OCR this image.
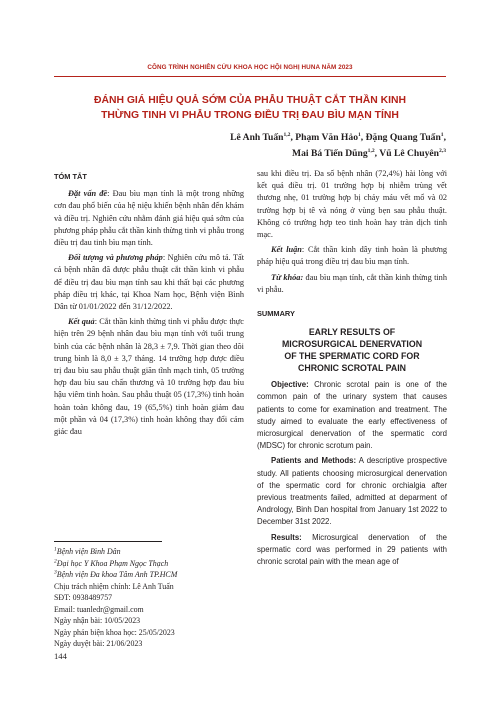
CÔNG TRÌNH NGHIÊN CỨU KHOA HỌC HỘI NGHỊ HUNA NĂM 2023
ĐÁNH GIÁ HIỆU QUẢ SỚM CỦA PHẪU THUẬT CẮT THẦN KINH
THỪNG TINH VI PHẪU TRONG ĐIỀU TRỊ ĐAU BÌU MẠN TÍNH
Lê Anh Tuấn$^{1,2}$, Phạm Văn Hảo$^1$, Đặng Quang Tuấn$^1$,
Mai Bá Tiến Dũng$^{1,2}$, Vũ Lê Chuyên$^{2,3}$
TÓM TẮT

Đặt vấn đề: Đau bìu mạn tính là một trong những cơn đau phổ biến của hệ niệu khiến bệnh nhân đến khám và điều trị. Nghiên cứu nhằm đánh giá hiệu quả sớm của phương pháp phẫu cắt thần kinh thừng tinh vi phẫu trong điều trị đau tinh bìu mạn tính.

Đối tượng và phương pháp: Nghiên cứu mô tả. Tất cả bệnh nhân đã được phẫu thuật cắt thần kinh vi phẫu để điều trị đau bìu mạn tính sau khi thất bại các phương pháp điều trị khác, tại Khoa Nam học, Bệnh viện Bình Dân từ 01/01/2022 đến 31/12/2022.

Kết quả: Cắt thần kinh thừng tinh vi phẫu được thực hiện trên 29 bệnh nhân đau bìu mạn tính với tuổi trung bình của các bệnh nhân là 28,3 ± 7,9. Thời gian theo dõi trung bình là 8,0 ± 3,7 tháng. 14 trường hợp được điều trị đau bìu sau phẫu thuật giãn tĩnh mạch tinh, 05 trường hợp đau bìu sau chấn thương và 10 trường hợp đau bìu hậu viêm tinh hoàn. Sau phẫu thuật 05 (17,3%) tinh hoàn hoàn toàn không đau, 19 (65,5%) tinh hoàn giảm đau một phần và 04 (17,3%) tinh hoàn không thay đổi cảm giác đau

sau khi điều trị. Đa số bệnh nhân (72,4%) hài lòng với kết quả điều trị. 01 trường hợp bị nhiễm trùng vết thương nhẹ, 01 trường hợp bị chảy máu vết mổ và 02 trường hợp bị tê và nóng ở vùng bẹn sau phẫu thuật. Không có trường hợp teo tinh hoàn hay tràn dịch tinh mạc.

Kết luận: Cắt thần kinh dây tinh hoàn là phương pháp hiệu quả trong điều trị đau bìu mạn tính.

Từ khóa: đau bìu mạn tính, cắt thần kinh thừng tinh vi phẫu.

SUMMARY
EARLY RESULTS OF
MICROSURGICAL DENERVATION
OF THE SPERMATIC CORD FOR
CHRONIC SCROTAL PAIN

Objective: Chronic scrotal pain is one of the common pain of the urinary system that causes patients to come for examination and treatment. The study aimed to evaluate the early effectiveness of microsurgical denervation of the spermatic cord (MDSC) for chronic scrotum pain.

Patients and Methods: A descriptive prospective study. All patients choosing microsurgical denervation of the spermatic cord for chronic orchialgia after previous treatments failed, admitted at deparment of Andrology, Binh Dan hospital from January 1st 2022 to December 31st 2022.

Results: Microsurgical denervation of the spermatic cord was performed in 29 patients with chronic scrotal pain with the mean age of

$^1$Bệnh viện Bình Dân
$^2$Đại học Y Khoa Phạm Ngọc Thạch
$^3$Bệnh viện Đa khoa Tâm Anh TP.HCM
Chịu trách nhiệm chính: Lê Anh Tuấn
SĐT: 0938489757
Email: tuanledr@gmail.com
Ngày nhận bài: 10/05/2023
Ngày phản biện khoa học: 25/05/2023
Ngày duyệt bài: 21/06/2023
144
